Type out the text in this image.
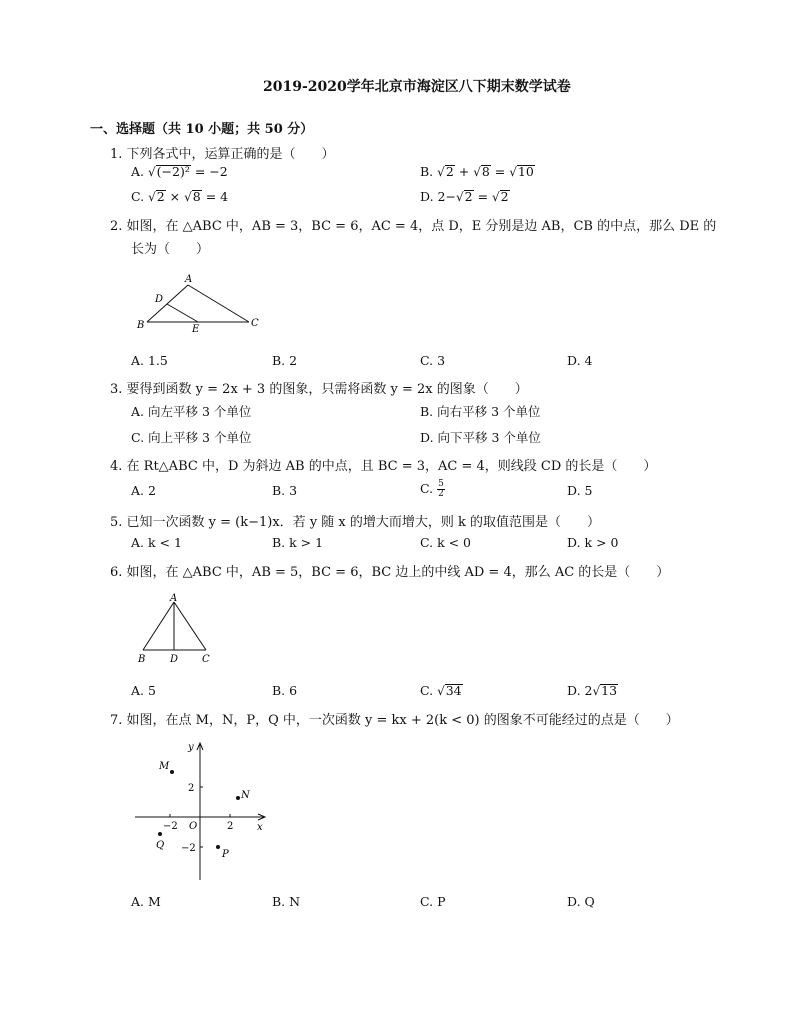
2019-2020学年北京市海淀区八下期末数学试卷
一、选择题（共 10 小题；共 50 分）
1. 下列各式中，运算正确的是（　　）
A. √(−2)² = −2	B. √2 + √8 = √10
C. √2 × √8 = 4	D. 2−√2 = √2
2. 如图，在 △ABC 中，AB = 3，BC = 6，AC = 4，点 D，E 分别是边 AB，CB 的中点，那么 DE 的
长为（　　）
A
B	C
D
E
A. 1.5	B. 2	C. 3	D. 4
3. 要得到函数 y = 2x + 3 的图象，只需将函数 y = 2x 的图象（　　）
A. 向左平移 3 个单位	B. 向右平移 3 个单位
C. 向上平移 3 个单位	D. 向下平移 3 个单位
4. 在 Rt△ABC 中，D 为斜边 AB 的中点，且 BC = 3，AC = 4，则线段 CD 的长是（　　）
A. 2	B. 3	C. $\frac{5}{2}$	D. 5
5. 已知一次函数 y = (k−1)x．若 y 随 x 的增大而增大，则 k 的取值范围是（　　）
A. k < 1	B. k > 1	C. k < 0	D. k > 0
6. 如图，在 △ABC 中，AB = 5，BC = 6，BC 边上的中线 AD = 4，那么 AC 的长是（　　）
A
B D C
A. 5	B. 6	C. √34	D. 2√13
7. 如图，在点 M，N，P，Q 中，一次函数 y = kx + 2(k < 0) 的图象不可能经过的点是（　　）
y
x
O
2
−2
−2	2
M
N
P
Q
A. M	B. N	C. P	D. Q
